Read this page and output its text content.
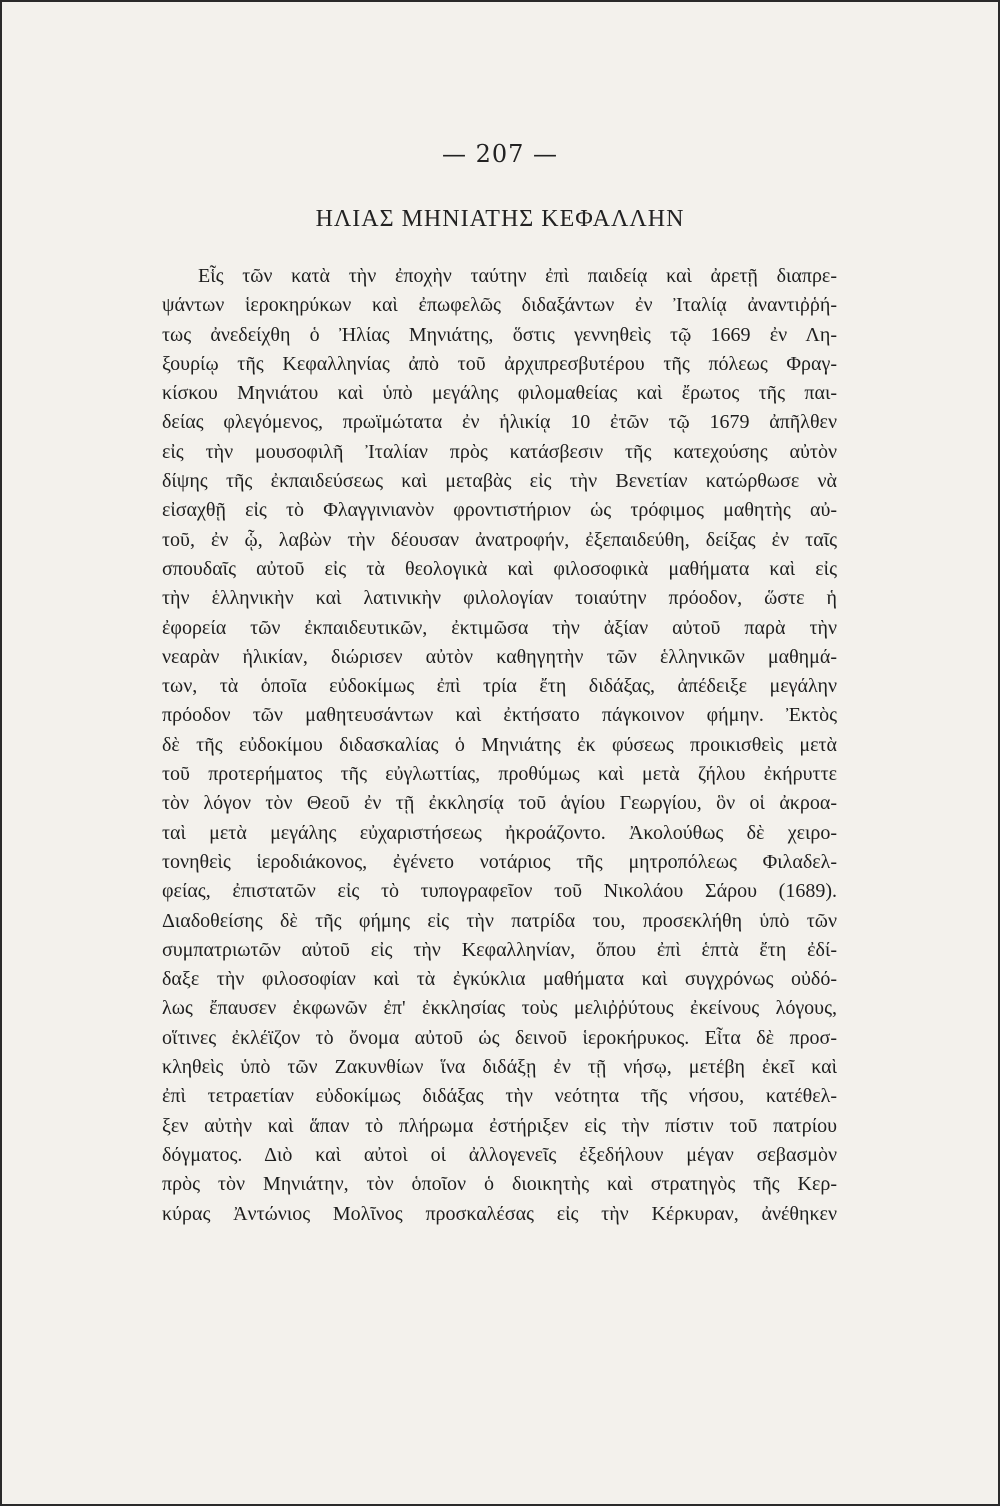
— 207 —
ΗΛΙΑΣ ΜΗΝΙΑΤΗΣ ΚΕΦΑΛΛΗΝ
Εἷς τῶν κατὰ τὴν ἐποχὴν ταύτην ἐπὶ παιδείᾳ καὶ ἀρετῇ διαπρε-
ψάντων ἱεροκηρύκων καὶ ἐπωφελῶς διδαξάντων ἐν Ἰταλίᾳ ἀναντιῤῥή-
τως ἀνεδείχθη ὁ Ἠλίας Μηνιάτης, ὅστις γεννηθεὶς τῷ 1669 ἐν Λη-
ξουρίῳ τῆς Κεφαλληνίας ἀπὸ τοῦ ἀρχιπρεσβυτέρου τῆς πόλεως Φραγ-
κίσκου Μηνιάτου καὶ ὑπὸ μεγάλης φιλομαθείας καὶ ἔρωτος τῆς παι-
δείας φλεγόμενος, πρωϊμώτατα ἐν ἡλικίᾳ 10 ἐτῶν τῷ 1679 ἀπῆλθεν
εἰς τὴν μουσοφιλῆ Ἰταλίαν πρὸς κατάσβεσιν τῆς κατεχούσης αὐτὸν
δίψης τῆς ἐκπαιδεύσεως καὶ μεταβὰς εἰς τὴν Βενετίαν κατώρθωσε νὰ
εἰσαχθῇ εἰς τὸ Φλαγγινιανὸν φροντιστήριον ὡς τρόφιμος μαθητὴς αὐ-
τοῦ, ἐν ᾧ, λαβὼν τὴν δέουσαν ἀνατροφήν, ἐξεπαιδεύθη, δείξας ἐν ταῖς
σπουδαῖς αὐτοῦ εἰς τὰ θεολογικὰ καὶ φιλοσοφικὰ μαθήματα καὶ εἰς
τὴν ἑλληνικὴν καὶ λατινικὴν φιλολογίαν τοιαύτην πρόοδον, ὥστε ἡ
ἐφορεία τῶν ἐκπαιδευτικῶν, ἐκτιμῶσα τὴν ἀξίαν αὐτοῦ παρὰ τὴν
νεαρὰν ἡλικίαν, διώρισεν αὐτὸν καθηγητὴν τῶν ἑλληνικῶν μαθημά-
των, τὰ ὁποῖα εὐδοκίμως ἐπὶ τρία ἔτη διδάξας, ἀπέδειξε μεγάλην
πρόοδον τῶν μαθητευσάντων καὶ ἐκτήσατο πάγκοινον φήμην. Ἐκτὸς
δὲ τῆς εὐδοκίμου διδασκαλίας ὁ Μηνιάτης ἐκ φύσεως προικισθεὶς μετὰ
τοῦ προτερήματος τῆς εὐγλωττίας, προθύμως καὶ μετὰ ζήλου ἐκήρυττε
τὸν λόγον τὸν Θεοῦ ἐν τῇ ἐκκλησίᾳ τοῦ ἁγίου Γεωργίου, ὃν οἱ ἀκροα-
ταὶ μετὰ μεγάλης εὐχαριστήσεως ἠκροάζοντο. Ἀκολούθως δὲ χειρο-
τονηθεὶς ἱεροδιάκονος, ἐγένετο νοτάριος τῆς μητροπόλεως Φιλαδελ-
φείας, ἐπιστατῶν εἰς τὸ τυπογραφεῖον τοῦ Νικολάου Σάρου (1689).
Διαδοθείσης δὲ τῆς φήμης εἰς τὴν πατρίδα του, προσεκλήθη ὑπὸ τῶν
συμπατριωτῶν αὐτοῦ εἰς τὴν Κεφαλληνίαν, ὅπου ἐπὶ ἑπτὰ ἔτη ἐδί-
δαξε τὴν φιλοσοφίαν καὶ τὰ ἐγκύκλια μαθήματα καὶ συγχρόνως οὐδό-
λως ἔπαυσεν ἐκφωνῶν ἐπ' ἐκκλησίας τοὺς μελιῤῥύτους ἐκείνους λόγους,
οἵτινες ἐκλέϊζον τὸ ὄνομα αὐτοῦ ὡς δεινοῦ ἱεροκήρυκος. Εἶτα δὲ προσ-
κληθεὶς ὑπὸ τῶν Ζακυνθίων ἵνα διδάξῃ ἐν τῇ νήσῳ, μετέβη ἐκεῖ καὶ
ἐπὶ τετραετίαν εὐδοκίμως διδάξας τὴν νεότητα τῆς νήσου, κατέθελ-
ξεν αὐτὴν καὶ ἅπαν τὸ πλήρωμα ἐστήριξεν εἰς τὴν πίστιν τοῦ πατρίου
δόγματος. Διὸ καὶ αὐτοὶ οἱ ἀλλογενεῖς ἐξεδήλουν μέγαν σεβασμὸν
πρὸς τὸν Μηνιάτην, τὸν ὁποῖον ὁ διοικητὴς καὶ στρατηγὸς τῆς Κερ-
κύρας Ἀντώνιος Μολῖνος προσκαλέσας εἰς τὴν Κέρκυραν, ἀνέθηκεν
